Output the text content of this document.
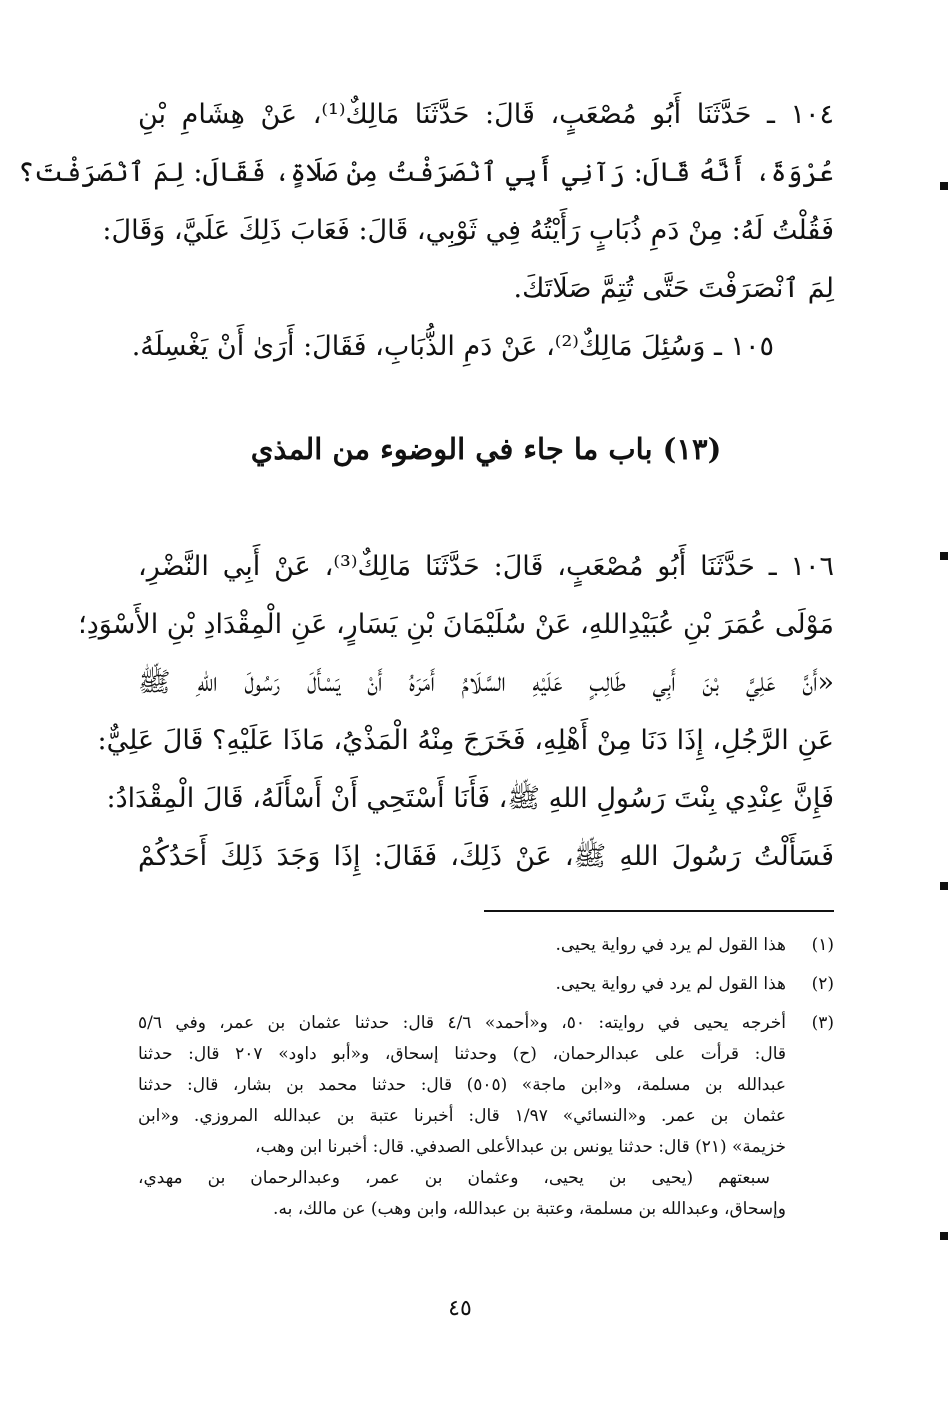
١٠٤ ـ حَدَّثَنَا أَبُو مُصْعَبٍ، قَالَ: حَدَّثَنَا مَالِكٌ⁽¹⁾، عَنْ هِشَامِ بْنِ
عُرْوَةَ، أَنَّهُ قَالَ: رَآنِي أَبِي ٱنْصَرَفْتُ مِنْ صَلَاةٍ، فَقَالَ: لِمَ ٱنْصَرَفْتَ؟
فَقُلْتُ لَهُ: مِنْ دَمِ ذُبَابٍ رَأَيْتُهُ فِي ثَوْبِي، قَالَ: فَعَابَ ذَلِكَ عَلَيَّ، وَقَالَ:
لِمَ ٱنْصَرَفْتَ حَتَّى تُتِمَّ صَلَاتَكَ.
١٠٥ ـ وَسُئِلَ مَالِكٌ⁽²⁾، عَنْ دَمِ الذُّبَابِ، فَقَالَ: أَرَىٰ أَنْ يَغْسِلَهُ.
(١٣) باب ما جاء في الوضوء من المذي
١٠٦ ـ حَدَّثَنَا أَبُو مُصْعَبٍ، قَالَ: حَدَّثَنَا مَالِكٌ⁽³⁾، عَنْ أَبِي النَّضْرِ،
مَوْلَى عُمَرَ بْنِ عُبَيْدِاللهِ، عَنْ سُلَيْمَانَ بْنِ يَسَارٍ، عَنِ الْمِقْدَادِ بْنِ الأَسْوَدِ؛
«أَنَّ عَلِيَّ بْنَ أَبِي طَالِبٍ عَلَيْهِ السَّلَامُ أَمَرَهُ أَنْ يَسْأَلَ رَسُولَ اللهِ ﷺ
عَنِ الرَّجُلِ، إِذَا دَنَا مِنْ أَهْلِهِ، فَخَرَجَ مِنْهُ الْمَذْيُ، مَاذَا عَلَيْهِ؟ قَالَ عَلِيٌّ:
فَإِنَّ عِنْدِي بِنْتَ رَسُولِ اللهِ ﷺ، فَأَنَا أَسْتَحِي أَنْ أَسْأَلَهُ، قَالَ الْمِقْدَادُ:
فَسَأَلْتُ رَسُولَ اللهِ ﷺ، عَنْ ذَلِكَ، فَقَالَ: إِذَا وَجَدَ ذَلِكَ أَحَدُكُمْ
(١)
هذا القول لم يرد في رواية يحيى.
(٢)
هذا القول لم يرد في رواية يحيى.
(٣)
أخرجه يحيى في روايته: ٥٠، و«أحمد» ٤/٦ قال: حدثنا عثمان بن عمر، وفي ٥/٦
قال: قرأت على عبدالرحمان، (ح) وحدثنا إسحاق، و«أبو داود» ٢٠٧ قال: حدثنا
عبدالله بن مسلمة، و«ابن ماجة» (٥٠٥) قال: حدثنا محمد بن بشار، قال: حدثنا
عثمان بن عمر. و«النسائي» ١/٩٧ قال: أخبرنا عتبة بن عبدالله المروزي. و«ابن
خزيمة» (٢١) قال: حدثنا يونس بن عبدالأعلى الصدفي. قال: أخبرنا ابن وهب،
سبعتهم (يحيى بن يحيى، وعثمان بن عمر، وعبدالرحمان بن مهدي،
وإسحاق، وعبدالله بن مسلمة، وعتبة بن عبدالله، وابن وهب) عن مالك، به.
٤٥
